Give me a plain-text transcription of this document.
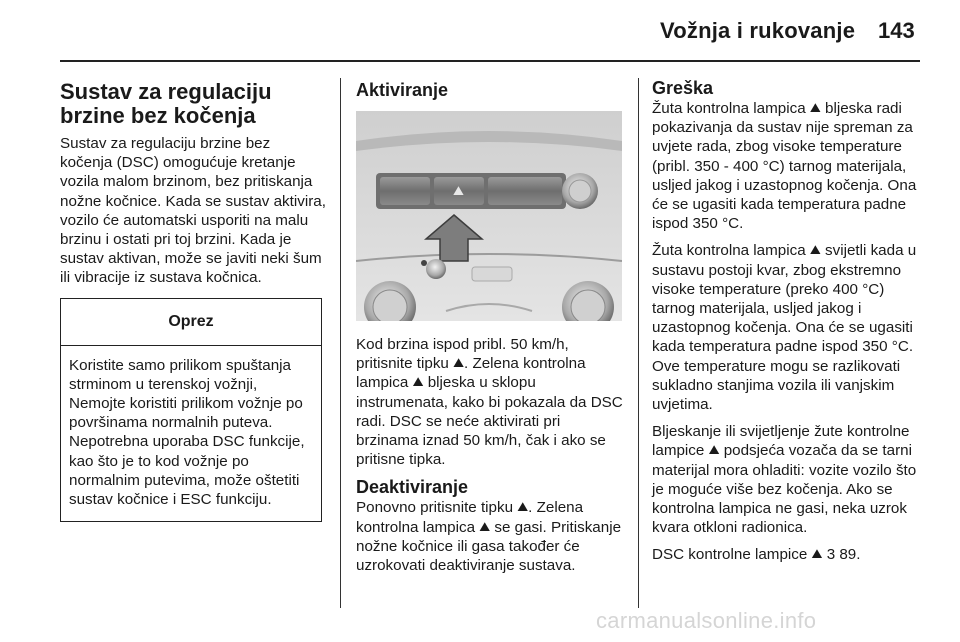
Vožnja i rukovanje 143
Sustav za regulaciju brzine bez kočenja

Sustav za regulaciju brzine bez kočenja (DSC) omogućuje kretanje vozila malom brzinom, bez pritiskanja nožne kočnice. Kada se sustav aktivira, vozilo će automatski usporiti na malu brzinu i ostati pri toj brzini. Kada je sustav aktivan, može se javiti neki šum ili vibracije iz sustava kočnica.

Oprez
Koristite samo prilikom spuštanja strminom u terenskoj vožnji, Nemojte koristiti prilikom vožnje po površinama normalnih puteva. Nepotrebna uporaba DSC funkcije, kao što je to kod vožnje po normalnim putevima, može oštetiti sustav kočnice i ESC funkciju.
Aktiviranje
⛰

Kod brzina ispod pribl. 50 km/h, pritisnite tipku ⛰. Zelena kontrolna lampica ⛰ bljeska u sklopu instrumenata, kako bi pokazala da DSC radi. DSC se neće aktivirati pri brzinama iznad 50 km/h, čak i ako se pritisne tipka.

Deaktiviranje

Ponovno pritisnite tipku ⛰. Zelena kontrolna lampica ⛰ se gasi. Pritiskanje nožne kočnice ili gasa također će uzrokovati deaktiviranje sustava.

Greška

Žuta kontrolna lampica ⛰ bljeska radi pokazivanja da sustav nije spreman za uvjete rada, zbog visoke temperature (pribl. 350 - 400 °C) tarnog materijala, usljed jakog i uzastopnog kočenja. Ona će se ugasiti kada temperatura padne ispod 350 °C.

Žuta kontrolna lampica ⛰ svijetli kada u sustavu postoji kvar, zbog ekstremno visoke temperature (preko 400 °C) tarnog materijala, usljed jakog i uzastopnog kočenja. Ona će se ugasiti kada temperatura padne ispod 350 °C. Ove temperature mogu se razlikovati sukladno stanjima vozila ili vanjskim uvjetima.

Bljeskanje ili svijetljenje žute kontrolne lampice ⛰ podsjeća vozača da se tarni materijal mora ohladiti: vozite vozilo što je moguće više bez kočenja. Ako se kontrolna lampica ne gasi, neka uzrok kvara otkloni radionica.

DSC kontrolne lampice ⛰ 3 89.

carmanualsonline.info
